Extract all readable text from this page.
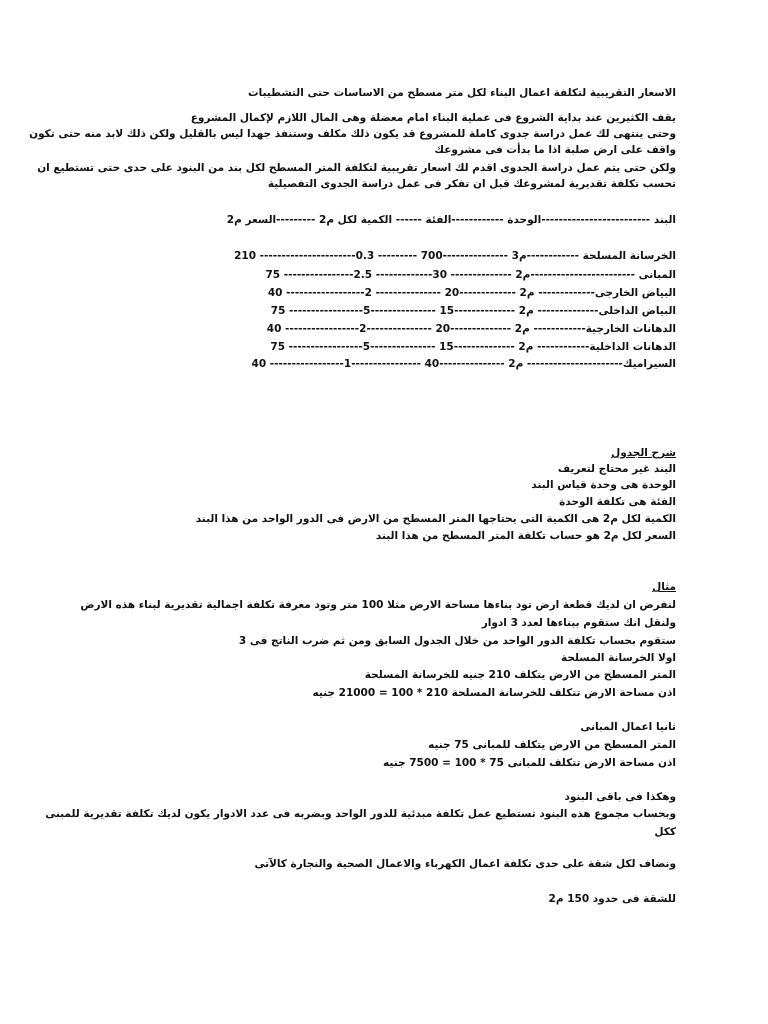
الاسعار التقريبية لتكلفة اعمال البناء لكل متر مسطح من الاساسات حتى التشطيبات
يقف الكثيرين عند بداية الشروع فى عملية البناء امام معضلة وهى المال اللازم لإكمال المشروع
وحتى ينتهى لك عمل دراسة جدوى كاملة للمشروع قد يكون ذلك مكلف وستنفذ جهدا ليس بالقليل ولكن ذلك لابد منه حتى تكون
واقف على ارض صلبة اذا ما بدأت فى مشروعك
ولكن حتى يتم عمل دراسة الجدوى اقدم لك اسعار تقريبية لتكلفة المتر المسطح لكل بند من البنود على حدى حتى تستطيع ان
تحسب تكلفة تقديرية لمشروعك قبل ان تفكر فى عمل دراسة الجدوى التفصيلية
البند -------------------------الوحدة ------------الفئة ------ الكمية لكل م2 ---------السعر م2
الخرسانة المسلحة ------------م3 ---------------700 --------- 0.3---------------------- 210
المبانى ------------------------م2 -------------- 30------------- 2.5---------------- 75
البياض الخارجى------------- م2 -------------20 --------------- 2------------------ 40
البياض الداخلى-------------- م2 --------------15 ---------------5----------------- 75
الدهانات الخارجية------------ م2 --------------20 ---------------2----------------- 40
الدهانات الداخلية------------ م2 --------------15 ---------------5----------------- 75
السيراميك---------------------- م2 ---------------40 ----------------1----------------- 40
شرح الجدول
البند غير محتاج لتعريف
الوحدة هى وحدة قياس البند
الفئة هى تكلفة الوحدة
الكمية لكل م2 هى الكمية التى يحتاجها المتر المسطح من الارض فى الدور الواحد من هذا البند
السعر لكل م2 هو حساب تكلفة المتر المسطح من هذا البند
مثال
لنفرض ان لديك قطعة ارض تود بناءها مساحة الارض مثلا 100 متر وتود معرفة تكلفة اجمالية تقديرية لبناء هذه الارض
ولنقل انك ستقوم ببناءها لعدد 3 ادوار
ستقوم بحساب تكلفة الدور الواحد من خلال الجدول السابق ومن ثم ضرب الناتج فى 3
اولا الخرسانة المسلحة
المتر المسطح من الارض يتكلف 210 جنيه للخرسانة المسلحة
اذن مساحة الارض تتكلف للخرسانة المسلحة 210 * 100 = 21000 جنيه
ثانيا اعمال المبانى
المتر المسطح من الارض يتكلف للمبانى 75 جنيه
اذن مساحة الارض تتكلف للمبانى 75 * 100 = 7500 جنيه
وهكذا فى باقى البنود
وبحساب مجموع هذه البنود تستطيع عمل تكلفة مبدئية للدور الواحد وبضربه فى عدد الادوار يكون لديك تكلفة تقديرية للمبنى
ككل
ونضاف لكل شقة على حدى تكلفة اعمال الكهرباء والاعمال الصحية والنجارة كالآتى
للشقة فى حدود 150 م2
